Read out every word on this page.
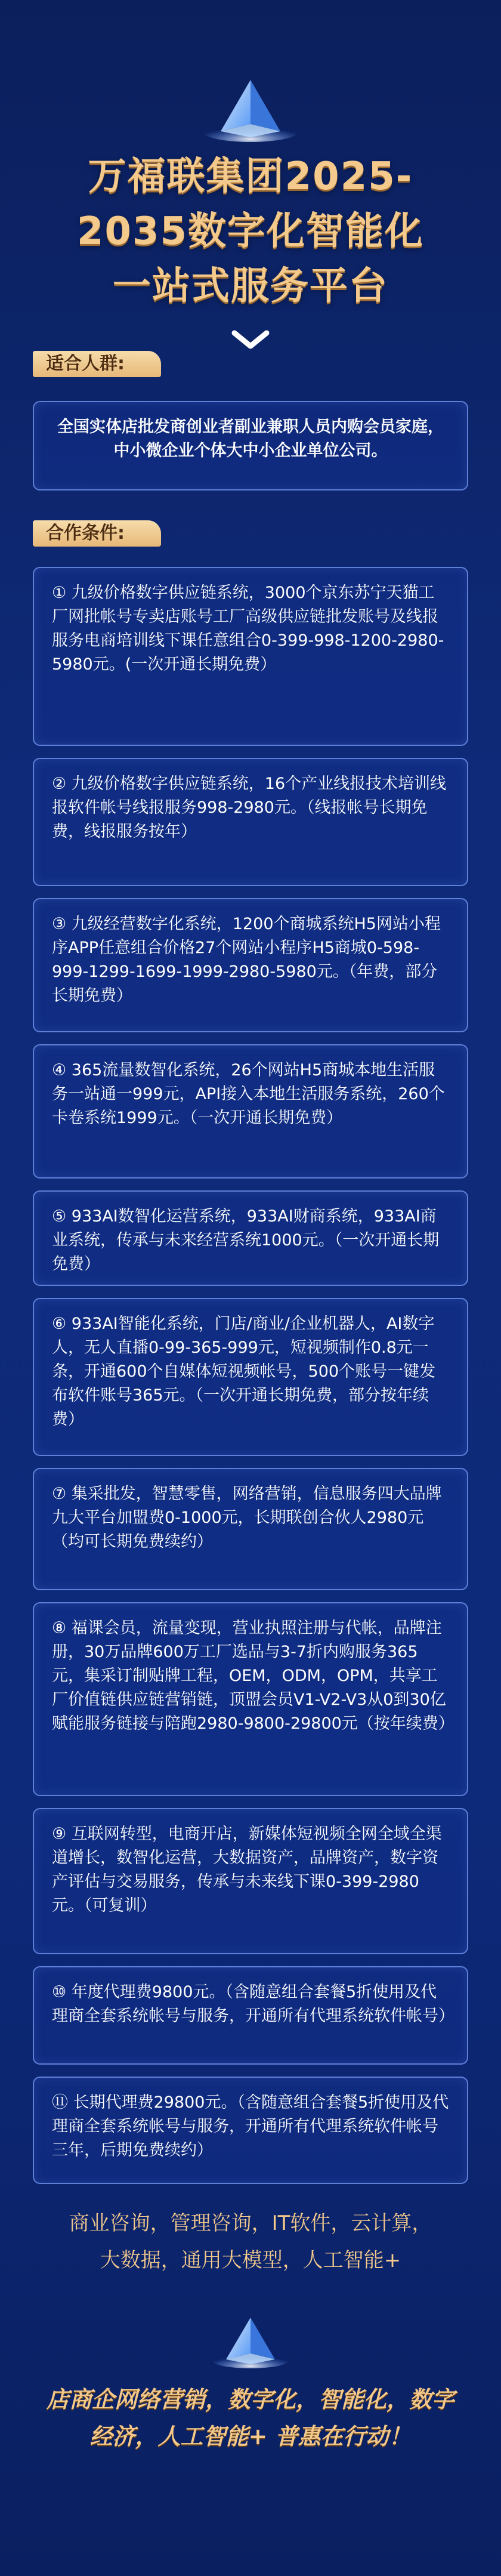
万福联集团2025-
2035数字化智能化
一站式服务平台
适合人群:

全国实体店批发商创业者副业兼职人员内购会员家庭，中小微企业个体大中小企业单位公司。

合作条件:

① 九级价格数字供应链系统，3000个京东苏宁天猫工厂网批帐号专卖店账号工厂高级供应链批发账号及线报服务电商培训线下课任意组合0-399-998-1200-2980-5980元。(一次开通长期免费）

② 九级价格数字供应链系统，16个产业线报技术培训线报软件帐号线报服务998-2980元。（线报帐号长期免费，线报服务按年）

③ 九级经营数字化系统，1200个商城系统H5网站小程序APP任意组合价格27个网站小程序H5商城0-598-999-1299-1699-1999-2980-5980元。（年费，部分长期免费）

④ 365流量数智化系统，26个网站H5商城本地生活服务一站通一999元，API接入本地生活服务系统，260个卡卷系统1999元。（一次开通长期免费）

⑤ 933AI数智化运营系统，933AI财商系统，933AI商业系统，传承与未来经营系统1000元。（一次开通长期免费）

⑥ 933AI智能化系统，门店/商业/企业机器人，AI数字人，无人直播0-99-365-999元，短视频制作0.8元一条，开通600个自媒体短视频帐号，500个账号一键发布软件账号365元。（一次开通长期免费，部分按年续费）

⑦ 集采批发，智慧零售，网络营销，信息服务四大品牌九大平台加盟费0-1000元，长期联创合伙人2980元（均可长期免费续约）

⑧ 福课会员，流量变现，营业执照注册与代帐，品牌注册，30万品牌600万工厂选品与3-7折内购服务365元，集采订制贴牌工程，OEM，ODM，OPM，共享工厂价值链供应链营销链，顶盟会员V1-V2-V3从0到30亿赋能服务链接与陪跑2980-9800-29800元（按年续费）

⑨ 互联网转型，电商开店，新媒体短视频全网全域全渠道增长，数智化运营，大数据资产，品牌资产，数字资产评估与交易服务，传承与未来线下课0-399-2980元。（可复训）

⑩ 年度代理费9800元。（含随意组合套餐5折使用及代理商全套系统帐号与服务，开通所有代理系统软件帐号）

⑪ 长期代理费29800元。（含随意组合套餐5折使用及代理商全套系统帐号与服务，开通所有代理系统软件帐号三年，后期免费续约）

商业咨询，管理咨询，IT软件，云计算，
大数据，通用大模型，人工智能+
店商企网络营销，数字化，智能化，数字
经济，人工智能+ 普惠在行动！
